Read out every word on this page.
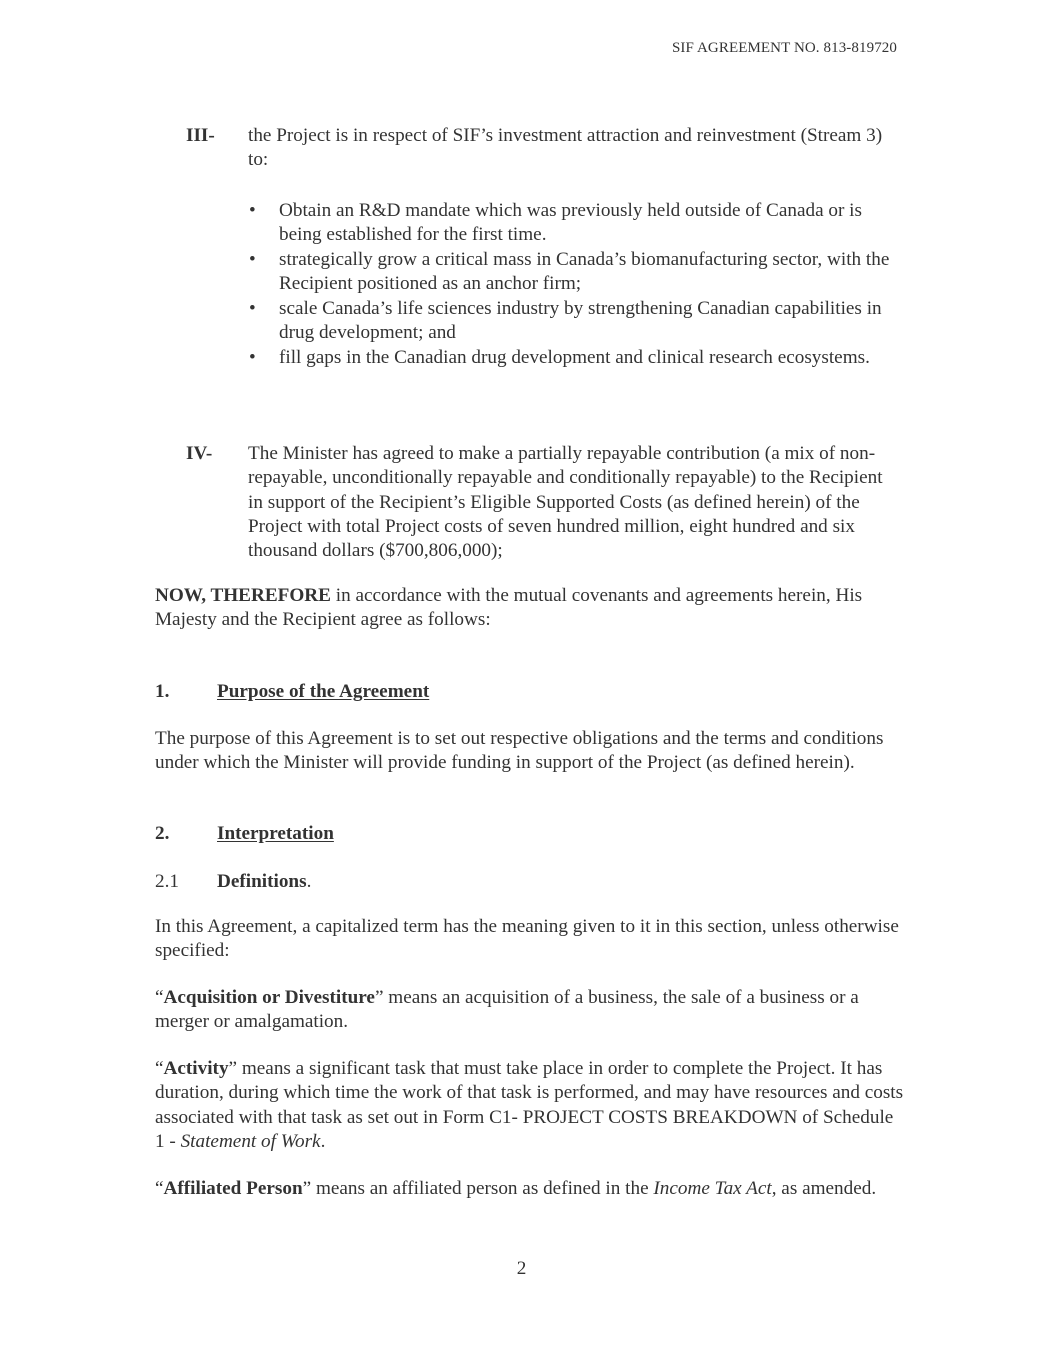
SIF AGREEMENT NO. 813-819720
III- the Project is in respect of SIF’s investment attraction and reinvestment (Stream 3) to:
• Obtain an R&D mandate which was previously held outside of Canada or is being established for the first time.
• strategically grow a critical mass in Canada’s biomanufacturing sector, with the Recipient positioned as an anchor firm;
• scale Canada’s life sciences industry by strengthening Canadian capabilities in drug development; and
• fill gaps in the Canadian drug development and clinical research ecosystems.
IV- The Minister has agreed to make a partially repayable contribution (a mix of non-repayable, unconditionally repayable and conditionally repayable) to the Recipient in support of the Recipient’s Eligible Supported Costs (as defined herein) of the Project with total Project costs of seven hundred million, eight hundred and six thousand dollars ($700,806,000);
NOW, THEREFORE in accordance with the mutual covenants and agreements herein, His Majesty and the Recipient agree as follows:
1. Purpose of the Agreement
The purpose of this Agreement is to set out respective obligations and the terms and conditions under which the Minister will provide funding in support of the Project (as defined herein).
2. Interpretation
2.1 Definitions.
In this Agreement, a capitalized term has the meaning given to it in this section, unless otherwise specified:
“Acquisition or Divestiture” means an acquisition of a business, the sale of a business or a merger or amalgamation.
“Activity” means a significant task that must take place in order to complete the Project. It has duration, during which time the work of that task is performed, and may have resources and costs associated with that task as set out in Form C1- PROJECT COSTS BREAKDOWN of Schedule 1 - Statement of Work.
“Affiliated Person” means an affiliated person as defined in the Income Tax Act, as amended.
2
